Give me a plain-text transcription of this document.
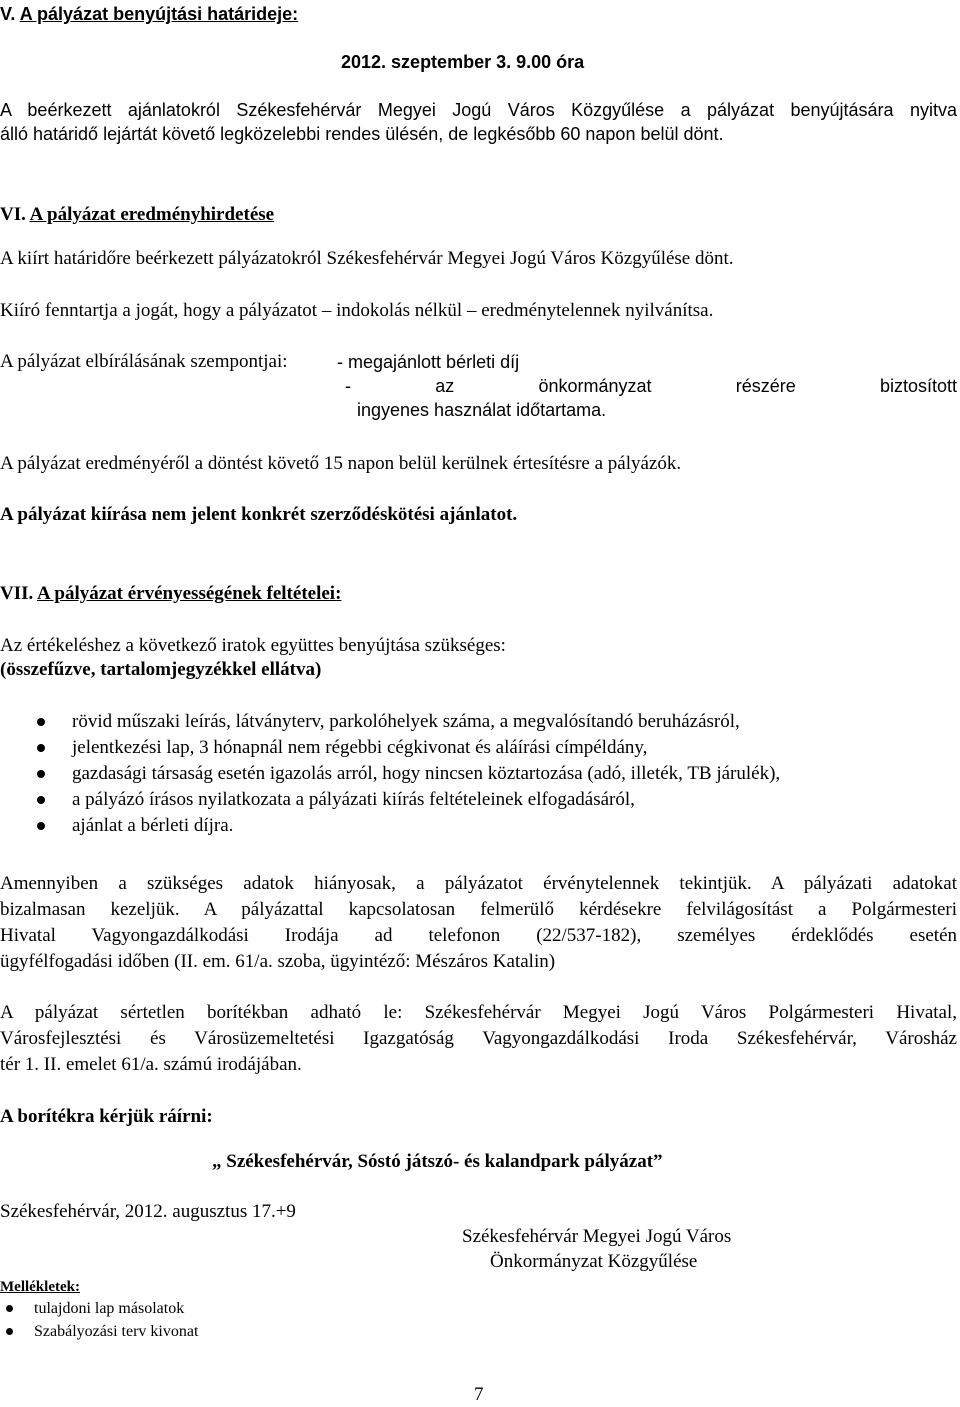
V. A pályázat benyújtási határideje:
2012. szeptember 3. 9.00 óra
A beérkezett ajánlatokról Székesfehérvár Megyei Jogú Város Közgyűlése a pályázat benyújtására nyitva
álló határidő lejártát követő legközelebbi rendes ülésén, de legkésőbb 60 napon belül dönt.
VI. A pályázat eredményhirdetése
A kiírt határidőre beérkezett pályázatokról Székesfehérvár Megyei Jogú Város Közgyűlése dönt.
Kiíró fenntartja a jogát, hogy a pályázatot – indokolás nélkül – eredménytelennek nyilvánítsa.
A pályázat elbírálásának szempontjai:	- megajánlott bérleti díj
- az önkormányzat részére biztosított
ingyenes használat időtartama.
A pályázat eredményéről a döntést követő 15 napon belül kerülnek értesítésre a pályázók.
A pályázat kiírása nem jelent konkrét szerződéskötési ajánlatot.
VII. A pályázat érvényességének feltételei:
Az értékeléshez a következő iratok együttes benyújtása szükséges:
(összefűzve, tartalomjegyzékkel ellátva)
rövid műszaki leírás, látványterv, parkolóhelyek száma, a megvalósítandó beruházásról,
jelentkezési lap, 3 hónapnál nem régebbi cégkivonat és aláírási címpéldány,
gazdasági társaság esetén igazolás arról, hogy nincsen köztartozása (adó, illeték, TB járulék),
a pályázó írásos nyilatkozata a pályázati kiírás feltételeinek elfogadásáról,
ajánlat a bérleti díjra.
Amennyiben a szükséges adatok hiányosak, a pályázatot érvénytelennek tekintjük. A pályázati adatokat
bizalmasan kezeljük. A pályázattal kapcsolatosan felmerülő kérdésekre felvilágosítást a Polgármesteri
Hivatal Vagyongazdálkodási Irodája ad telefonon (22/537-182), személyes érdeklődés esetén
ügyfélfogadási időben (II. em. 61/a. szoba, ügyintéző: Mészáros Katalin)
A pályázat sértetlen borítékban adható le: Székesfehérvár Megyei Jogú Város Polgármesteri Hivatal,
Városfejlesztési és Városüzemeltetési Igazgatóság Vagyongazdálkodási Iroda Székesfehérvár, Városház
tér 1. II. emelet 61/a. számú irodájában.
A borítékra kérjük ráírni:
„ Székesfehérvár, Sóstó játszó- és kalandpark pályázat”
Székesfehérvár, 2012. augusztus 17.+9
Székesfehérvár Megyei Jogú Város
Önkormányzat Közgyűlése
Mellékletek:
tulajdoni lap másolatok
Szabályozási terv kivonat
7
